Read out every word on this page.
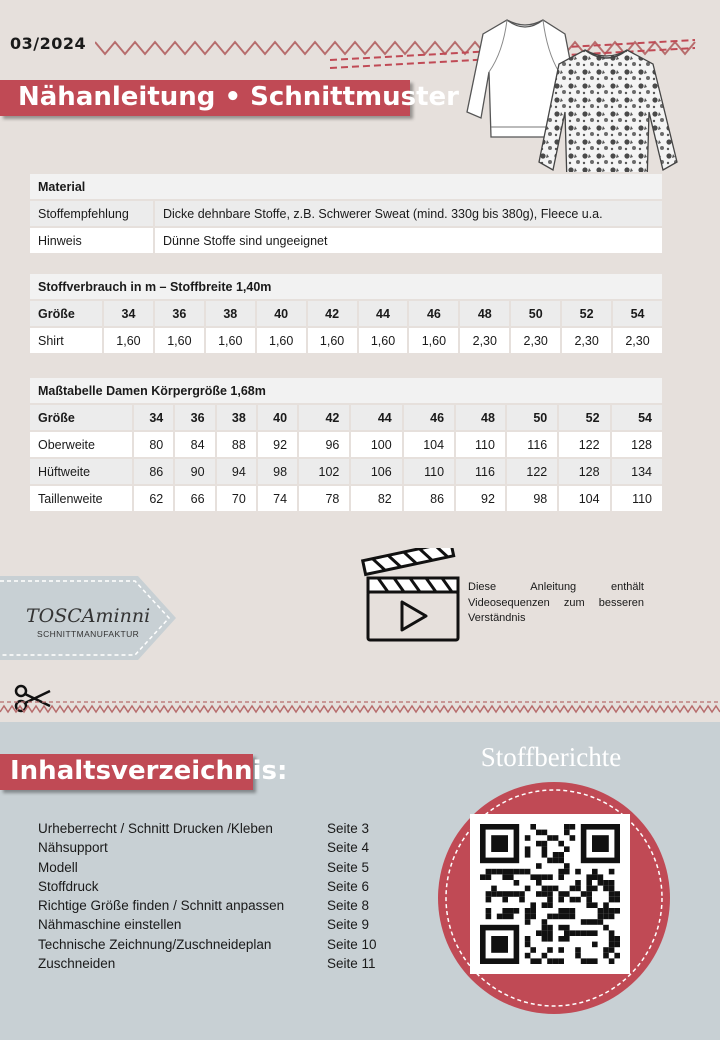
03/2024
Nähanleitung • Schnittmuster
Material	
Stoffempfehlung	Dicke dehnbare Stoffe, z.B. Schwerer Sweat (mind. 330g bis 380g), Fleece u.a.
Hinweis	Dünne Stoffe sind ungeeignet
Stoffverbrauch in m – Stoffbreite 1,40m											
Größe	34	36	38	40	42	44	46	48	50	52	54
Shirt	1,60	1,60	1,60	1,60	1,60	1,60	1,60	2,30	2,30	2,30	2,30
Maßtabelle Damen Körpergröße 1,68m											
Größe	34	36	38	40	42	44	46	48	50	52	54
Oberweite	80	84	88	92	96	100	104	110	116	122	128
Hüftweite	86	90	94	98	102	106	110	116	122	128	134
Taillenweite	62	66	70	74	78	82	86	92	98	104	110
TOSCAminni
SCHNITTMANUFAKTUR
Diese Anleitung enthält Videosequenzen zum besseren Verständnis
Inhaltsverzeichnis:
Urheberrecht / Schnitt Drucken /Kleben	Seite 3
Nähsupport	Seite 4
Modell	Seite 5
Stoffdruck	Seite 6
Richtige Größe finden / Schnitt anpassen	Seite 8
Nähmaschine einstellen	Seite 9
Technische Zeichnung/Zuschneideplan	Seite 10
Zuschneiden	Seite 11
Stoffberichte
